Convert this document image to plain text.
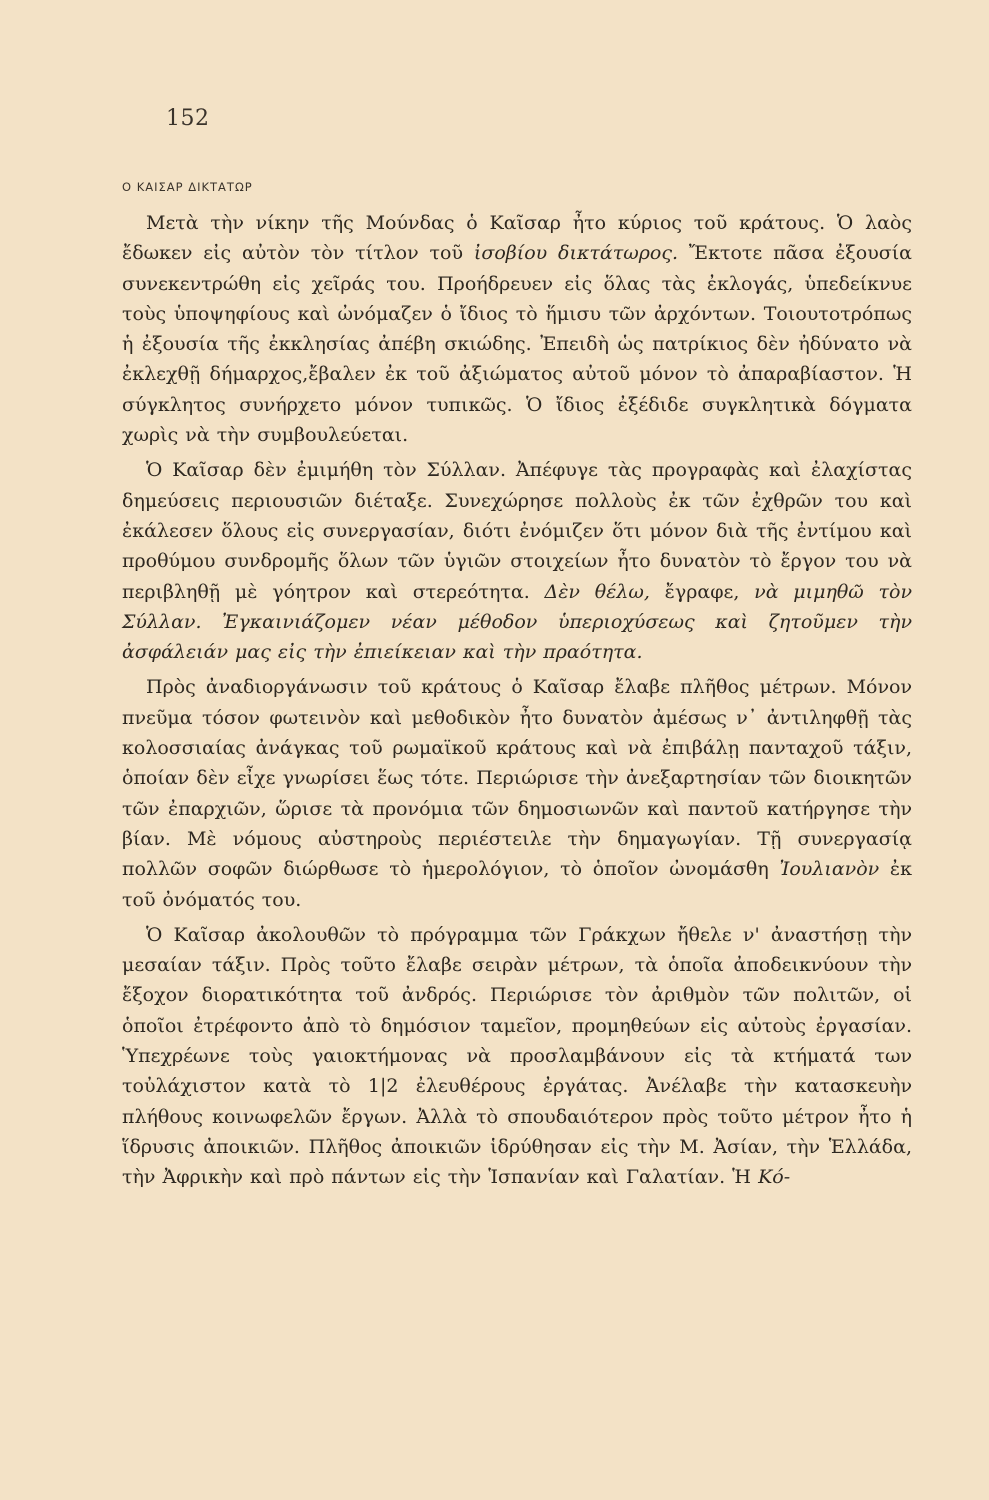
152
Ο ΚΑΙΣΑΡ ΔΙΚΤΑΤΩΡ

Μετὰ τὴν νίκην τῆς Μούνδας ὁ Καῖσαρ ἦτο κύριος τοῦ κράτους. Ὁ λαὸς ἔδωκεν εἰς αὐτὸν τὸν τίτλον τοῦ ἰσοβίου δικτάτωρος. Ἔκτοτε πᾶσα ἐξουσία συνεκεντρώθη εἰς χεῖράς του. Προήδρευεν εἰς ὅλας τὰς ἐκλογάς, ὑπεδείκνυε τοὺς ὑποψηφίους καὶ ὠνόμαζεν ὁ ἴδιος τὸ ἥμισυ τῶν ἀρχόντων. Τοιουτοτρόπως ἡ ἐξουσία τῆς ἐκκλησίας ἀπέβη σκιώδης. Ἐπειδὴ ὡς πατρίκιος δὲν ἠδύνατο νὰ ἐκλεχθῇ δήμαρχος,ἔβαλεν ἐκ τοῦ ἀξιώματος αὐτοῦ μόνον τὸ ἀπαραβίαστον. Ἡ σύγκλητος συνήρχετο μόνον τυπικῶς. Ὁ ἴδιος ἐξέδιδε συγκλητικὰ δόγματα χωρὶς νὰ τὴν συμβουλεύεται.

Ὁ Καῖσαρ δὲν ἐμιμήθη τὸν Σύλλαν. Ἀπέφυγε τὰς προγραφὰς καὶ ἐλαχίστας δημεύσεις περιουσιῶν διέταξε. Συνεχώρησε πολλοὺς ἐκ τῶν ἐχθρῶν του καὶ ἐκάλεσεν ὅλους εἰς συνεργασίαν, διότι ἐνόμιζεν ὅτι μόνον διὰ τῆς ἐντίμου καὶ προθύμου συνδρομῆς ὅλων τῶν ὑγιῶν στοιχείων ἦτο δυνατὸν τὸ ἔργον του νὰ περιβληθῇ μὲ γόητρον καὶ στερεότητα. Δὲν θέλω, ἔγραφε, νὰ μιμηθῶ τὸν Σύλλαν. Ἐγκαινιάζομεν νέαν μέθοδον ὑπεριοχύσεως καὶ ζητοῦμεν τὴν ἀσφάλειάν μας εἰς τὴν ἐπιείκειαν καὶ τὴν πραότητα.

Πρὸς ἀναδιοργάνωσιν τοῦ κράτους ὁ Καῖσαρ ἔλαβε πλῆθος μέτρων. Μόνον πνεῦμα τόσον φωτεινὸν καὶ μεθοδικὸν ἦτο δυνατὸν ἀμέσως ν᾽ ἀντιληφθῇ τὰς κολοσσιαίας ἀνάγκας τοῦ ρωμαϊκοῦ κράτους καὶ νὰ ἐπιβάλῃ πανταχοῦ τάξιν, ὁποίαν δὲν εἶχε γνωρίσει ἕως τότε. Περιώρισε τὴν ἀνεξαρτησίαν τῶν διοικητῶν τῶν ἐπαρχιῶν, ὥρισε τὰ προνόμια τῶν δημοσιωνῶν καὶ παντοῦ κατήργησε τὴν βίαν. Μὲ νόμους αὐστηροὺς περιέστειλε τὴν δημαγωγίαν. Τῇ συνεργασίᾳ πολλῶν σοφῶν διώρθωσε τὸ ἡμερολόγιον, τὸ ὁποῖον ὠνομάσθη Ἰουλιανὸν ἐκ τοῦ ὀνόματός του.

Ὁ Καῖσαρ ἀκολουθῶν τὸ πρόγραμμα τῶν Γράκχων ἤθελε ν' ἀναστήσῃ τὴν μεσαίαν τάξιν. Πρὸς τοῦτο ἔλαβε σειρὰν μέτρων, τὰ ὁποῖα ἀποδεικνύουν τὴν ἔξοχον διορατικότητα τοῦ ἀνδρός. Περιώρισε τὸν ἀριθμὸν τῶν πολιτῶν, οἱ ὁποῖοι ἐτρέφοντο ἀπὸ τὸ δημόσιον ταμεῖον, προμηθεύων εἰς αὐτοὺς ἐργασίαν. Ὑπεχρέωνε τοὺς γαιοκτήμονας νὰ προσλαμβάνουν εἰς τὰ κτήματά των τοὐλάχιστον κατὰ τὸ 1|2 ἐλευθέρους ἐργάτας. Ἀνέλαβε τὴν κατασκευὴν πλήθους κοινωφελῶν ἔργων. Ἀλλὰ τὸ σπουδαιότερον πρὸς τοῦτο μέτρον ἦτο ἡ ἵδρυσις ἀποικιῶν. Πλῆθος ἀποικιῶν ἱδρύθησαν εἰς τὴν Μ. Ἀσίαν, τὴν Ἑλλάδα, τὴν Ἀφρικὴν καὶ πρὸ πάντων εἰς τὴν Ἱσπανίαν καὶ Γαλατίαν. Ἡ Κό-
